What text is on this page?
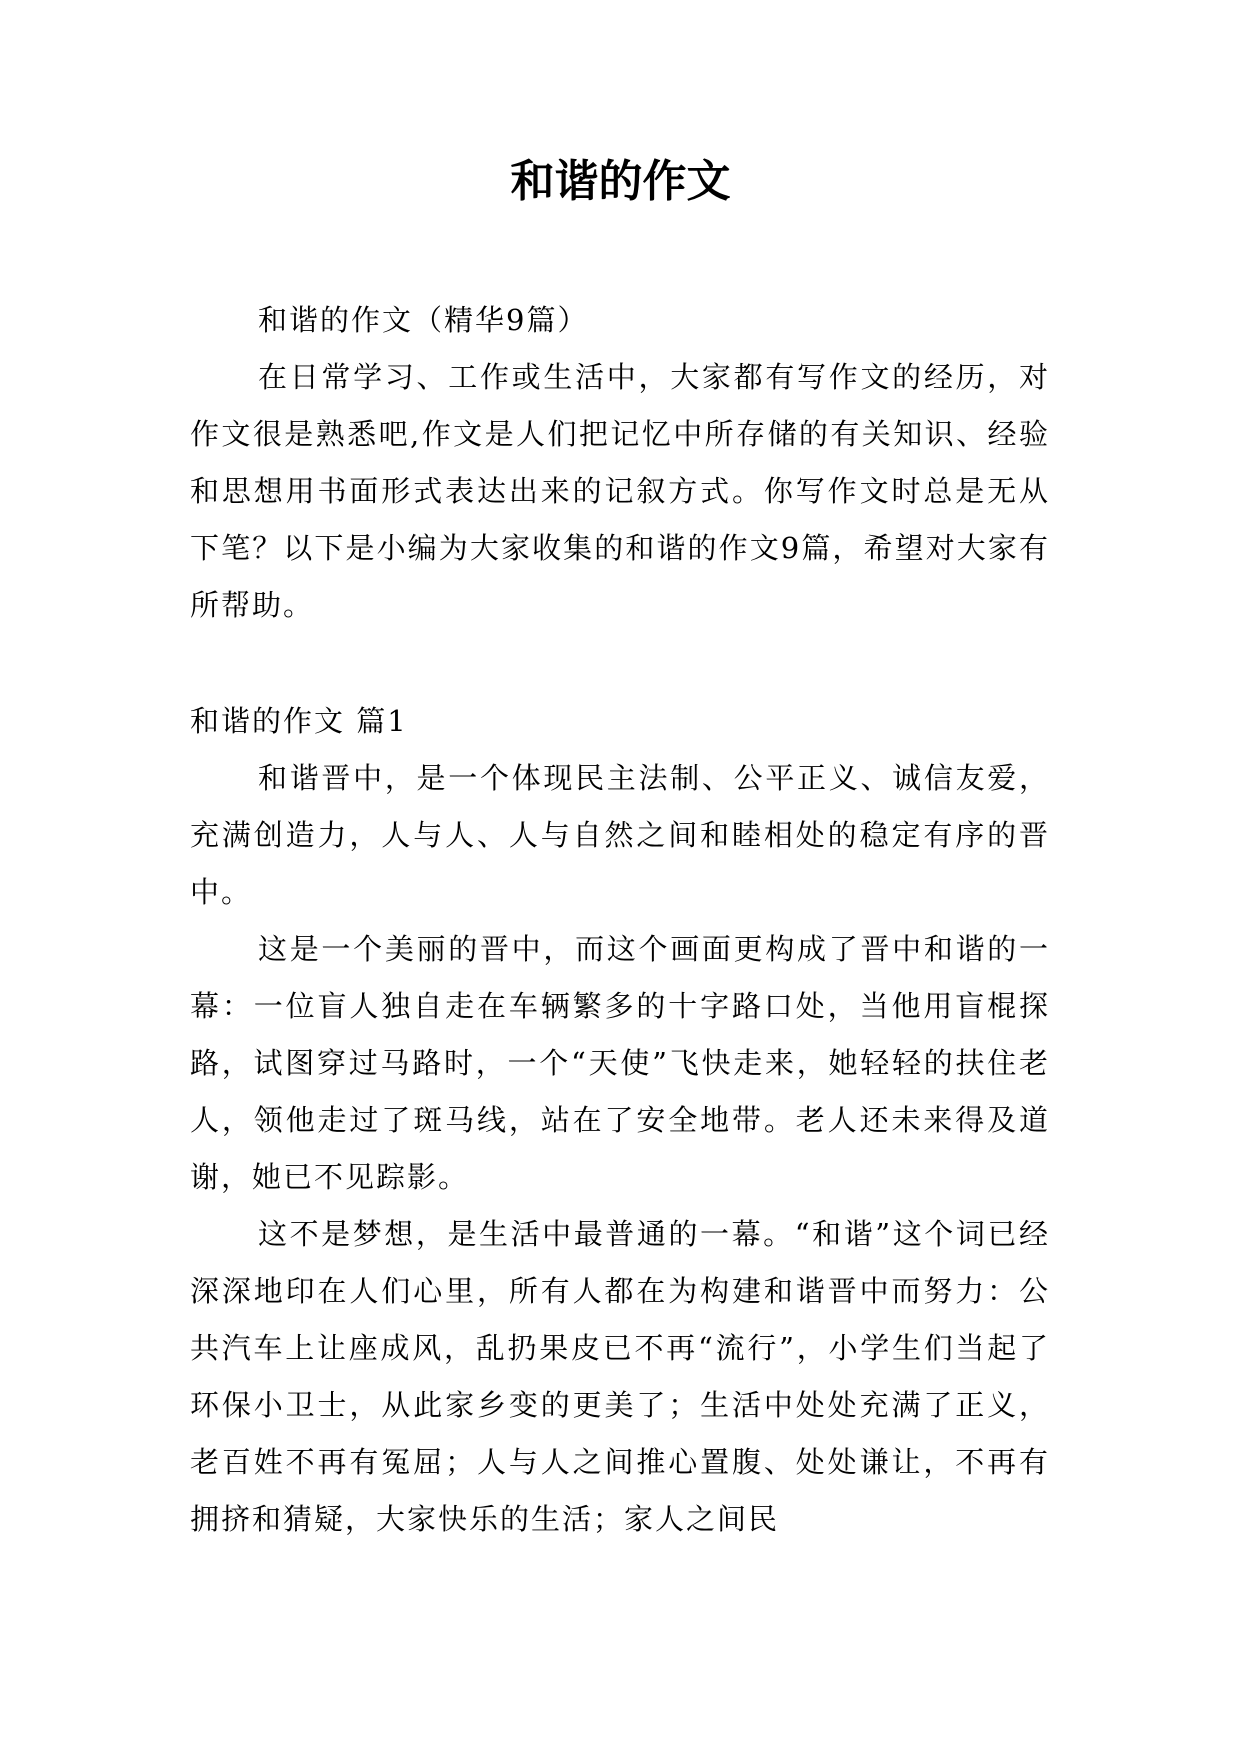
和谐的作文

和谐的作文（精华9篇）

在日常学习、工作或生活中，大家都有写作文的经历，对作文很是熟悉吧,作文是人们把记忆中所存储的有关知识、经验和思想用书面形式表达出来的记叙方式。你写作文时总是无从下笔？以下是小编为大家收集的和谐的作文9篇，希望对大家有所帮助。

和谐的作文 篇1

和谐晋中，是一个体现民主法制、公平正义、诚信友爱，充满创造力，人与人、人与自然之间和睦相处的稳定有序的晋中。

这是一个美丽的晋中，而这个画面更构成了晋中和谐的一幕：一位盲人独自走在车辆繁多的十字路口处，当他用盲棍探路，试图穿过马路时，一个“天使”飞快走来，她轻轻的扶住老人，领他走过了斑马线，站在了安全地带。老人还未来得及道谢，她已不见踪影。

这不是梦想，是生活中最普通的一幕。“和谐”这个词已经深深地印在人们心里，所有人都在为构建和谐晋中而努力：公共汽车上让座成风，乱扔果皮已不再“流行”，小学生们当起了环保小卫士，从此家乡变的更美了；生活中处处充满了正义，老百姓不再有冤屈；人与人之间推心置腹、处处谦让，不再有拥挤和猜疑，大家快乐的生活；家人之间民
